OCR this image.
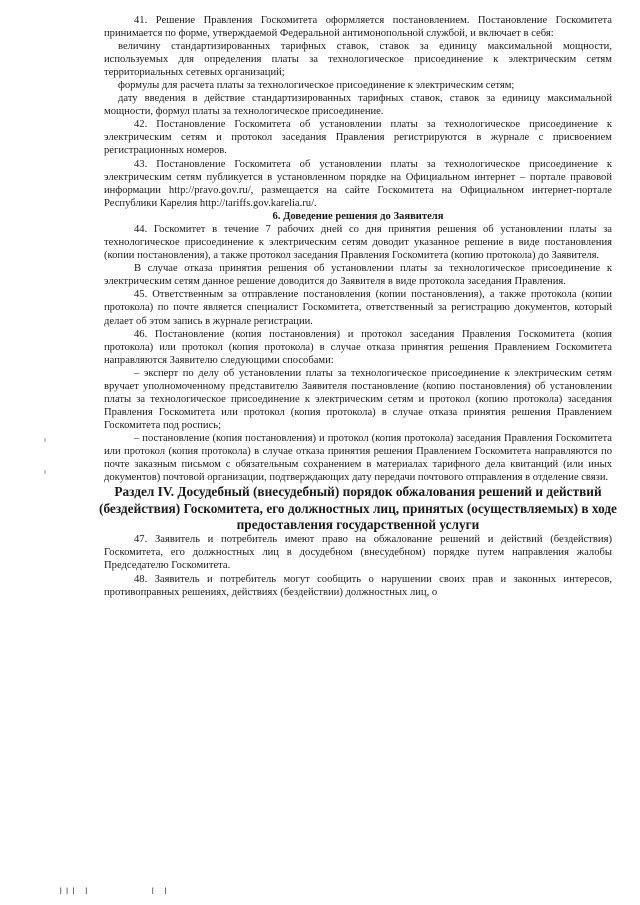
41. Решение Правления Госкомитета оформляется постановлением. Постановление Госкомитета принимается по форме, утверждаемой Федеральной антимонопольной службой, и включает в себя:

величину стандартизированных тарифных ставок, ставок за единицу максимальной мощности, используемых для определения платы за технологическое присоединение к электрическим сетям территориальных сетевых организаций;

формулы для расчета платы за технологическое присоединение к электрическим сетям;

дату введения в действие стандартизированных тарифных ставок, ставок за единицу максимальной мощности, формул платы за технологическое присоединение.

42. Постановление Госкомитета об установлении платы за технологическое присоединение к электрическим сетям и протокол заседания Правления регистрируются в журнале с присвоением регистрационных номеров.

43. Постановление Госкомитета об установлении платы за технологическое присоединение к электрическим сетям публикуется в установленном порядке на Официальном интернет – портале правовой информации http://pravo.gov.ru/, размещается на сайте Госкомитета на Официальном интернет-портале Республики Карелия http://tariffs.gov.karelia.ru/.

6. Доведение решения до Заявителя

44. Госкомитет в течение 7 рабочих дней со дня принятия решения об установлении платы за технологическое присоединение к электрическим сетям доводит указанное решение в виде постановления (копии постановления), а также протокол заседания Правления Госкомитета (копию протокола) до Заявителя.

В случае отказа принятия решения об установлении платы за технологическое присоединение к электрическим сетям данное решение доводится до Заявителя в виде протокола заседания Правления.

45. Ответственным за отправление постановления (копии постановления), а также протокола (копии протокола) по почте является специалист Госкомитета, ответственный за регистрацию документов, который делает об этом запись в журнале регистрации.

46. Постановление (копия постановления) и протокол заседания Правления Госкомитета (копия протокола) или протокол (копия протокола) в случае отказа принятия решения Правлением Госкомитета направляются Заявителю следующими способами:

– эксперт по делу об установлении платы за технологическое присоединение к электрическим сетям вручает уполномоченному представителю Заявителя постановление (копию постановления) об установлении платы за технологическое присоединение к электрическим сетям и протокол (копию протокола) заседания Правления Госкомитета или протокол (копия протокола) в случае отказа принятия решения Правлением Госкомитета под роспись;

– постановление (копия постановления) и протокол (копия протокола) заседания Правления Госкомитета или протокол (копия протокола) в случае отказа принятия решения Правлением Госкомитета направляются по почте заказным письмом с обязательным сохранением в материалах тарифного дела квитанций (или иных документов) почтовой организации, подтверждающих дату передачи почтового отправления в отделение связи.

Раздел IV. Досудебный (внесудебный) порядок обжалования решений и действий (бездействия) Госкомитета, его должностных лиц, принятых (осуществляемых) в ходе предоставления государственной услуги

47. Заявитель и потребитель имеют право на обжалование решений и действий (бездействия) Госкомитета, его должностных лиц в досудебном (внесудебном) порядке путем направления жалобы Председателю Госкомитета.

48. Заявитель и потребитель могут сообщить о нарушении своих прав и законных интересов, противоправных решениях, действиях (бездействии) должностных лиц, о

ǀǀǀ ǀ	ǀ ǀ
